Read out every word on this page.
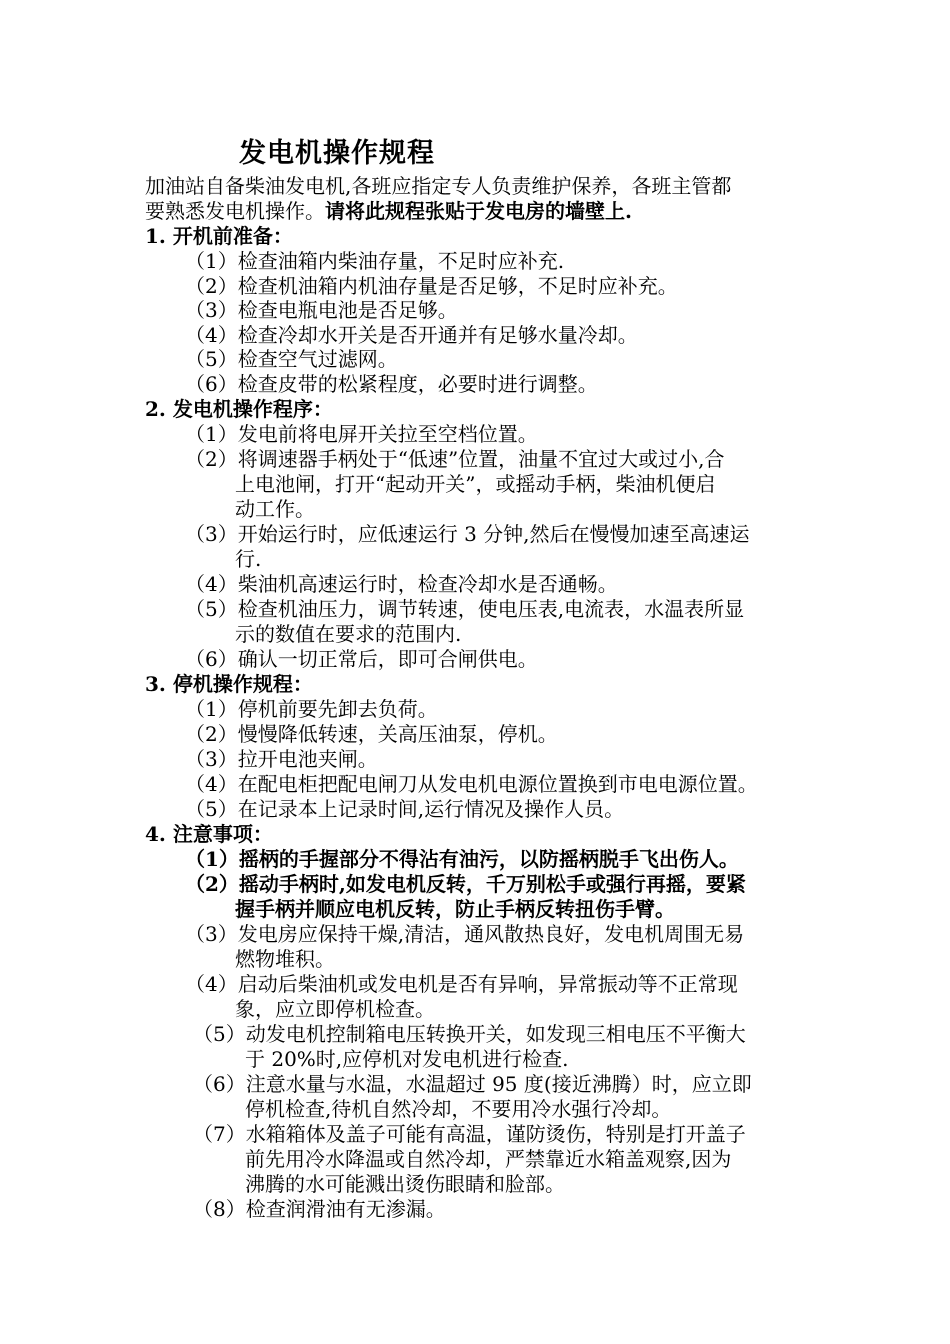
发电机操作规程
加油站自备柴油发电机,各班应指定专人负责维护保养，各班主管都
要熟悉发电机操作。请将此规程张贴于发电房的墙壁上.
1. 开机前准备：
（1）检查油箱内柴油存量，不足时应补充.
（2）检查机油箱内机油存量是否足够，不足时应补充。
（3）检查电瓶电池是否足够。
（4）检查冷却水开关是否开通并有足够水量冷却。
（5）检查空气过滤网。
（6）检查皮带的松紧程度，必要时进行调整。
2. 发电机操作程序：
（1）发电前将电屏开关拉至空档位置。
（2）将调速器手柄处于“低速”位置，油量不宜过大或过小,合
上电池闸，打开“起动开关”，或摇动手柄，柴油机便启
动工作。
（3）开始运行时，应低速运行 3 分钟,然后在慢慢加速至高速运
行.
（4）柴油机高速运行时，检查冷却水是否通畅。
（5）检查机油压力，调节转速，使电压表,电流表，水温表所显
示的数值在要求的范围内.
（6）确认一切正常后，即可合闸供电。
3. 停机操作规程：
（1）停机前要先卸去负荷。
（2）慢慢降低转速，关高压油泵，停机。
（3）拉开电池夹闸。
（4）在配电柜把配电闸刀从发电机电源位置换到市电电源位置。
（5）在记录本上记录时间,运行情况及操作人员。
4. 注意事项：
（1）摇柄的手握部分不得沾有油污，以防摇柄脱手飞出伤人。
（2）摇动手柄时,如发电机反转，千万别松手或强行再摇，要紧
握手柄并顺应电机反转，防止手柄反转扭伤手臂。
（3）发电房应保持干燥,清洁，通风散热良好，发电机周围无易
燃物堆积。
（4）启动后柴油机或发电机是否有异响，异常振动等不正常现
象，应立即停机检查。
（5）动发电机控制箱电压转换开关，如发现三相电压不平衡大
于 20%时,应停机对发电机进行检查.
（6）注意水量与水温，水温超过 95 度(接近沸腾）时，应立即
停机检查,待机自然冷却，不要用冷水强行冷却。
（7）水箱箱体及盖子可能有高温，谨防烫伤，特别是打开盖子
前先用冷水降温或自然冷却，严禁靠近水箱盖观察,因为
沸腾的水可能溅出烫伤眼睛和脸部。
（8）检查润滑油有无渗漏。
